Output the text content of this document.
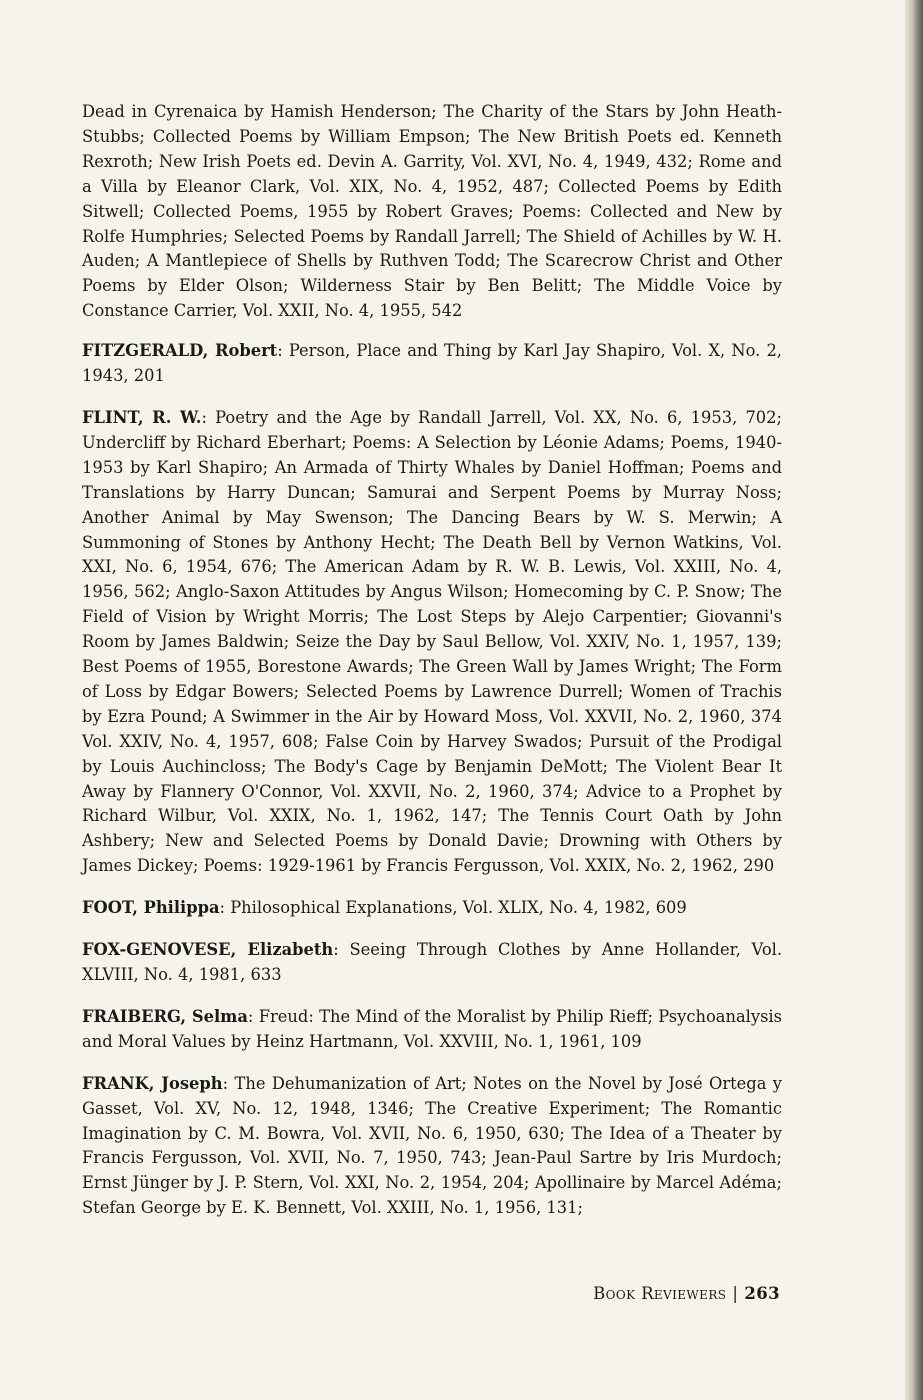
Dead in Cyrenaica by Hamish Henderson; The Charity of the Stars by John Heath-Stubbs; Collected Poems by William Empson; The New British Poets ed. Kenneth Rexroth; New Irish Poets ed. Devin A. Garrity, Vol. XVI, No. 4, 1949, 432; Rome and a Villa by Eleanor Clark, Vol. XIX, No. 4, 1952, 487; Collected Poems by Edith Sitwell; Collected Poems, 1955 by Robert Graves; Poems: Collected and New by Rolfe Humphries; Selected Poems by Randall Jarrell; The Shield of Achilles by W. H. Auden; A Mantlepiece of Shells by Ruthven Todd; The Scarecrow Christ and Other Poems by Elder Olson; Wilderness Stair by Ben Belitt; The Middle Voice by Constance Carrier, Vol. XXII, No. 4, 1955, 542

FITZGERALD, Robert: Person, Place and Thing by Karl Jay Shapiro, Vol. X, No. 2, 1943, 201

FLINT, R. W.: Poetry and the Age by Randall Jarrell, Vol. XX, No. 6, 1953, 702; Undercliff by Richard Eberhart; Poems: A Selection by Léonie Adams; Poems, 1940-1953 by Karl Shapiro; An Armada of Thirty Whales by Daniel Hoffman; Poems and Translations by Harry Duncan; Samurai and Serpent Poems by Murray Noss; Another Animal by May Swenson; The Dancing Bears by W. S. Merwin; A Summoning of Stones by Anthony Hecht; The Death Bell by Vernon Watkins, Vol. XXI, No. 6, 1954, 676; The American Adam by R. W. B. Lewis, Vol. XXIII, No. 4, 1956, 562; Anglo-Saxon Attitudes by Angus Wilson; Homecoming by C. P. Snow; The Field of Vision by Wright Morris; The Lost Steps by Alejo Carpentier; Giovanni's Room by James Baldwin; Seize the Day by Saul Bellow, Vol. XXIV, No. 1, 1957, 139; Best Poems of 1955, Borestone Awards; The Green Wall by James Wright; The Form of Loss by Edgar Bowers; Selected Poems by Lawrence Durrell; Women of Trachis by Ezra Pound; A Swimmer in the Air by Howard Moss, Vol. XXVII, No. 2, 1960, 374 Vol. XXIV, No. 4, 1957, 608; False Coin by Harvey Swados; Pursuit of the Prodigal by Louis Auchincloss; The Body's Cage by Benjamin DeMott; The Violent Bear It Away by Flannery O'Connor, Vol. XXVII, No. 2, 1960, 374; Advice to a Prophet by Richard Wilbur, Vol. XXIX, No. 1, 1962, 147; The Tennis Court Oath by John Ashbery; New and Selected Poems by Donald Davie; Drowning with Others by James Dickey; Poems: 1929-1961 by Francis Fergusson, Vol. XXIX, No. 2, 1962, 290

FOOT, Philippa: Philosophical Explanations, Vol. XLIX, No. 4, 1982, 609

FOX-GENOVESE, Elizabeth: Seeing Through Clothes by Anne Hollander, Vol. XLVIII, No. 4, 1981, 633

FRAIBERG, Selma: Freud: The Mind of the Moralist by Philip Rieff; Psychoanalysis and Moral Values by Heinz Hartmann, Vol. XXVIII, No. 1, 1961, 109

FRANK, Joseph: The Dehumanization of Art; Notes on the Novel by José Ortega y Gasset, Vol. XV, No. 12, 1948, 1346; The Creative Experiment; The Romantic Imagination by C. M. Bowra, Vol. XVII, No. 6, 1950, 630; The Idea of a Theater by Francis Fergusson, Vol. XVII, No. 7, 1950, 743; Jean-Paul Sartre by Iris Murdoch; Ernst Jünger by J. P. Stern, Vol. XXI, No. 2, 1954, 204; Apollinaire by Marcel Adéma; Stefan George by E. K. Bennett, Vol. XXIII, No. 1, 1956, 131;

Book Reviewers | 263
